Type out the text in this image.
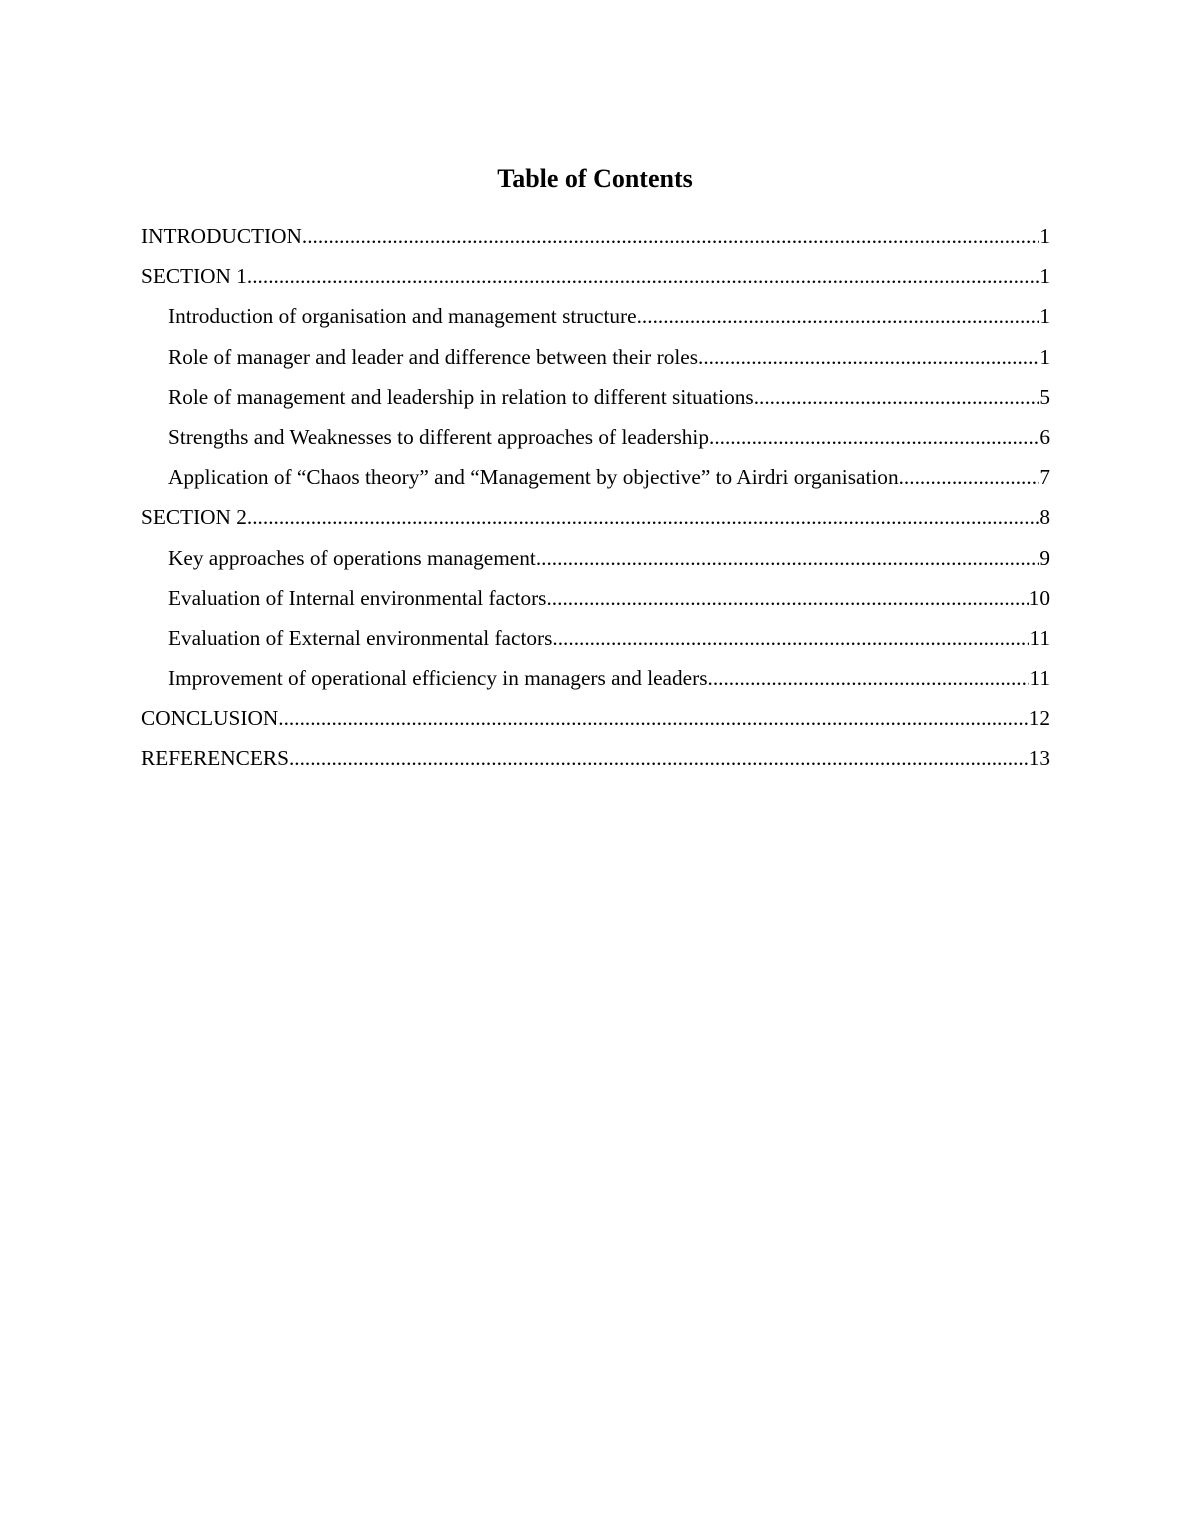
Table of Contents
INTRODUCTION .....	1
SECTION 1 .....	1
Introduction of organisation and management structure .....	1
Role of manager and leader and difference between their roles .....	1
Role of management and leadership in relation to different situations .....	5
Strengths and Weaknesses to different approaches of leadership .....	6
Application of “Chaos theory” and “Management by objective” to Airdri organisation .....	7
SECTION 2 .....	8
Key approaches of operations management .....	9
Evaluation of Internal environmental factors .....	10
Evaluation of External environmental factors .....	11
Improvement of operational efficiency in managers and leaders .....	11
CONCLUSION .....	12
REFERENCERS .....	13
